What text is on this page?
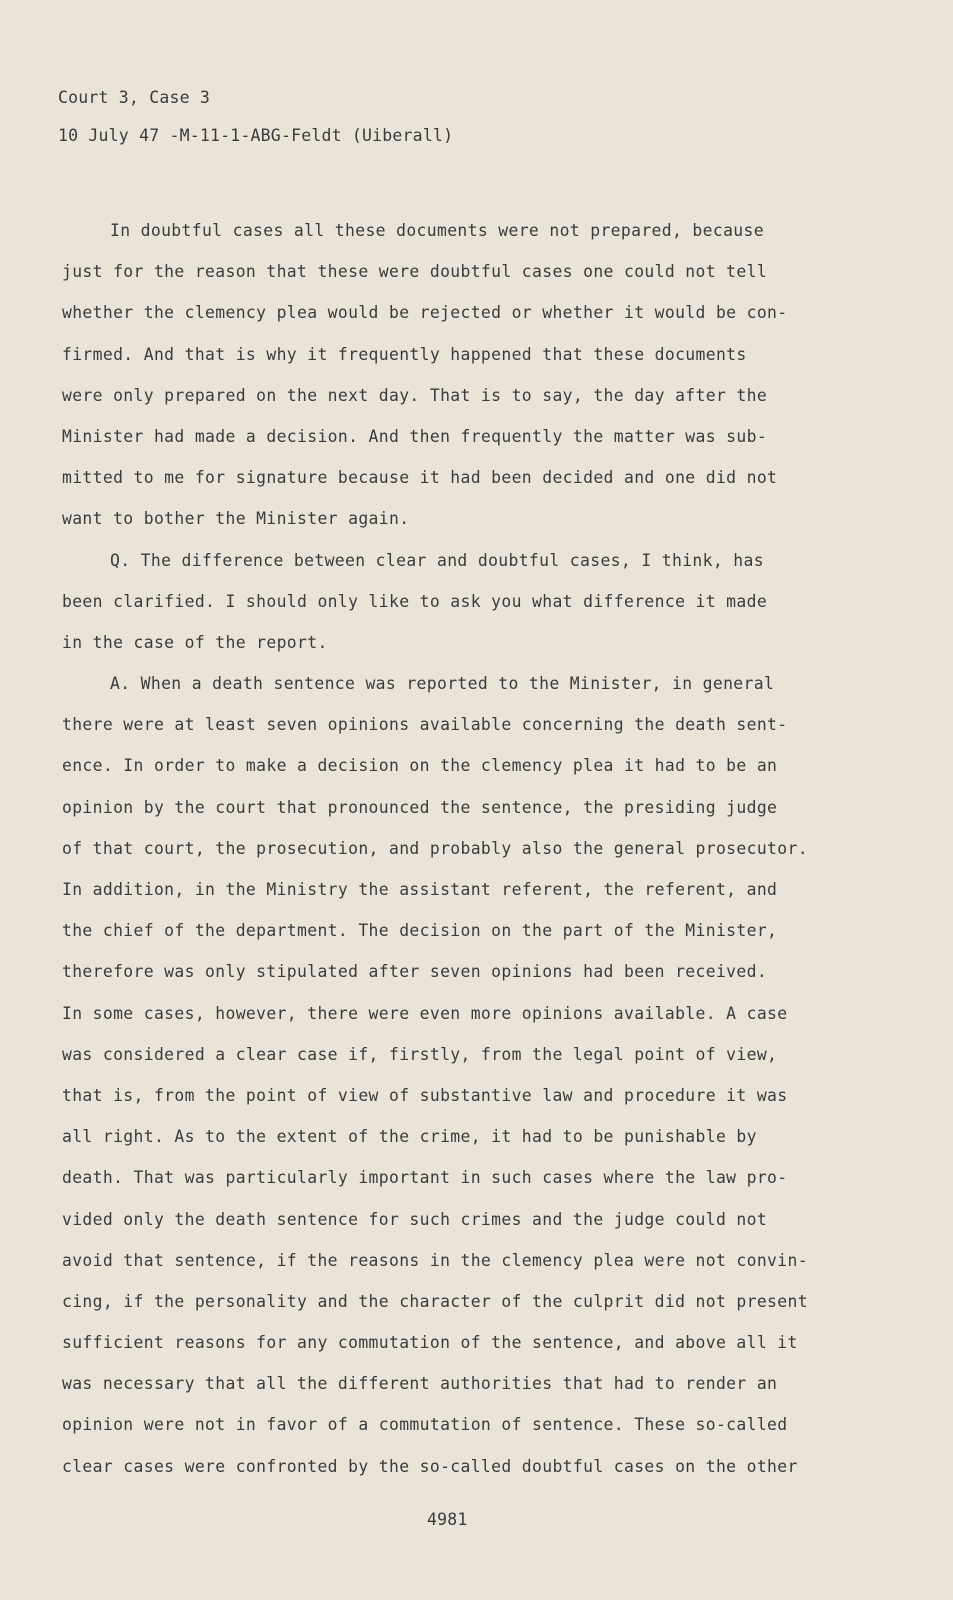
Court 3, Case 3
10 July 47 -M-11-1-ABG-Feldt (Uiberall)
In doubtful cases all these documents were not prepared, because
just for the reason that these were doubtful cases one could not tell
whether the clemency plea would be rejected or whether it would be con-
firmed. And that is why it frequently happened that these documents
were only prepared on the next day. That is to say, the day after the
Minister had made a decision. And then frequently the matter was sub-
mitted to me for signature because it had been decided and one did not
want to bother the Minister again.
Q. The difference between clear and doubtful cases, I think, has
been clarified. I should only like to ask you what difference it made
in the case of the report.
A. When a death sentence was reported to the Minister, in general
there were at least seven opinions available concerning the death sent-
ence. In order to make a decision on the clemency plea it had to be an
opinion by the court that pronounced the sentence, the presiding judge
of that court, the prosecution, and probably also the general prosecutor.
In addition, in the Ministry the assistant referent, the referent, and
the chief of the department. The decision on the part of the Minister,
therefore was only stipulated after seven opinions had been received.
In some cases, however, there were even more opinions available. A case
was considered a clear case if, firstly, from the legal point of view,
that is, from the point of view of substantive law and procedure it was
all right. As to the extent of the crime, it had to be punishable by
death. That was particularly important in such cases where the law pro-
vided only the death sentence for such crimes and the judge could not
avoid that sentence, if the reasons in the clemency plea were not convin-
cing, if the personality and the character of the culprit did not present
sufficient reasons for any commutation of the sentence, and above all it
was necessary that all the different authorities that had to render an
opinion were not in favor of a commutation of sentence. These so-called
clear cases were confronted by the so-called doubtful cases on the other
4981
